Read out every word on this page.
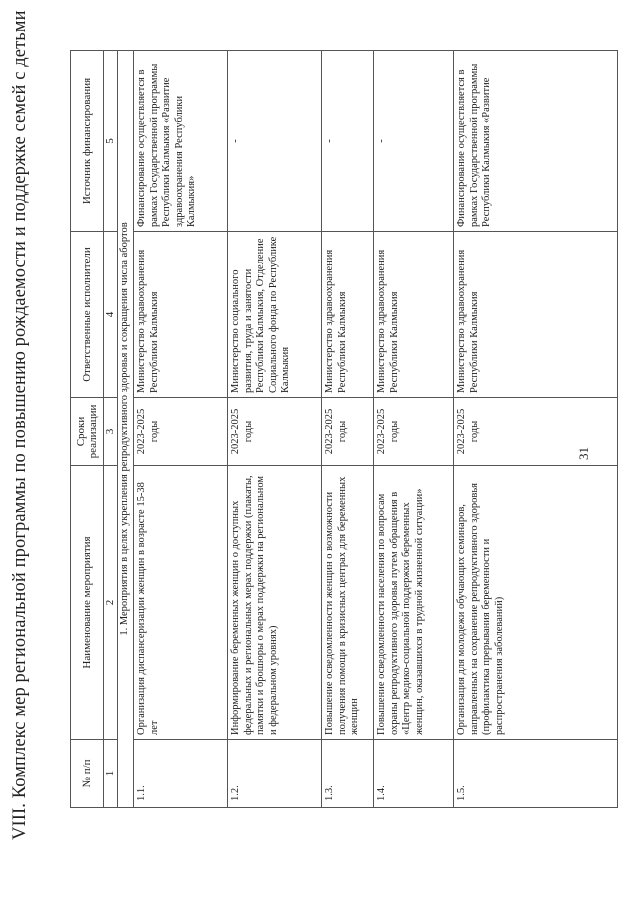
VIII. Комплекс мер региональной программы по повышению рождаемости и поддержке семей с детьми	№ п/п	Наименование мероприятия	Сроки реализации	Ответственные исполнители	Источник финансирования
1	2	3	4	5
1. Мероприятия в целях укрепления репродуктивного здоровья и сокращения числа абортов				
1.1.	Организация диспансеризации женщин в возрасте 15-38 лет	2023-2025 годы	Министерство здравоохранения Республики Калмыкия	Финансирование осуществляется в рамках Государственной программы Республики Калмыкия «Развитие здравоохранения Республики Калмыкия»
1.2.	Информирование беременных женщин о доступных федеральных и региональных мерах поддержки (плакаты, памятки и брошюры о мерах поддержки на региональном и федеральном уровнях)	2023-2025 годы	Министерство социального развития, труда и занятости Республики Калмыкия, Отделение Социального фонда по Республике Калмыкия	-
1.3.	Повышение осведомленности женщин о возможности получения помощи в кризисных центрах для беременных женщин	2023-2025 годы	Министерство здравоохранения Республики Калмыкия	-
1.4.	Повышение осведомленности населения по вопросам охраны репродуктивного здоровья путем обращения в «Центр медико-социальной поддержки беременных женщин, оказавшихся в трудной жизненной ситуации»	2023-2025 годы	Министерство здравоохранения Республики Калмыкия	-
1.5.	Организация для молодежи обучающих семинаров, направленных на сохранение репродуктивного здоровья (профилактика прерывания беременности и распространения заболеваний)	2023-2025 годы	Министерство здравоохранения Республики Калмыкия	Финансирование осуществляется в рамках Государственной программы Республики Калмыкия «Развитие
31
